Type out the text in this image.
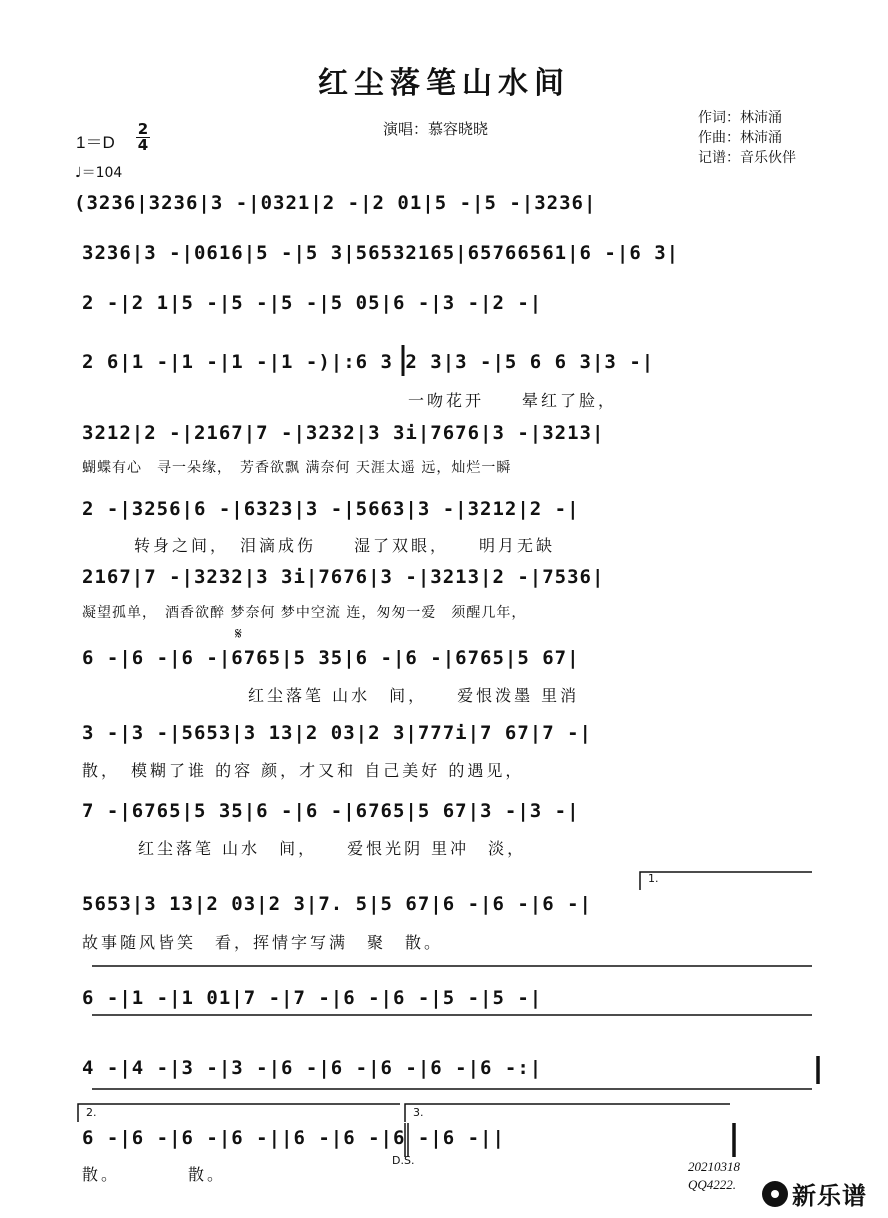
红尘落笔山水间
演唱：慕容晓晓
作词：林沛涌
作曲：林沛涌
记谱：音乐伙伴
1＝D
2
4
♩＝104
(3236|3236|3 -|0321|2 -|2 01|5 -|5 -|3236|
3236|3 -|0616|5 -|5 3|56532165|65766561|6 -|6 3|
2 -|2 1|5 -|5 -|5 -|5 05|6 -|3 -|2 -|
2 6|1 -|1 -|1 -|1 -)|:6 3 2 3|3 -|5 6 6 3|3 -|
一吻花开　　晕红了脸，
3212|2 -|2167|7 -|3232|3 3i|7676|3 -|3213|
蝴蝶有心　寻一朵缘，　芳香欲飘 满奈何 天涯太遥 远，灿烂一瞬
2 -|3256|6 -|6323|3 -|5663|3 -|3212|2 -|
转身之间，　泪滴成伤　　湿了双眼，　　明月无缺
2167|7 -|3232|3 3i|7676|3 -|3213|2 -|7536|
凝望孤单，　酒香欲醉 梦奈何 梦中空流 连，匆匆一爱　须醒几年，
𝄋
6 -|6 -|6 -|6765|5 35|6 -|6 -|6765|5 67|
红尘落笔 山水　间，　　爱恨泼墨 里消
3 -|3 -|5653|3 13|2 03|2 3|777i|7 67|7 -|
散，　模糊了谁 的容 颜，才又和 自己美好 的遇见，
7 -|6765|5 35|6 -|6 -|6765|5 67|3 -|3 -|
红尘落笔 山水　间，　　爱恨光阴 里冲　淡，
1.
5653|3 13|2 03|2 3|7. 5|5 67|6 -|6 -|6 -|
故事随风皆笑　看，挥情字写满　聚　散。
6 -|1 -|1 01|7 -|7 -|6 -|6 -|5 -|5 -|
4 -|4 -|3 -|3 -|6 -|6 -|6 -|6 -|6 -:|
2.	3.
6 -|6 -|6 -|6 -||6 -|6 -|6 -|6 -||
散。　　　　散。
D.S.	20210318
QQ4222. 新乐谱
